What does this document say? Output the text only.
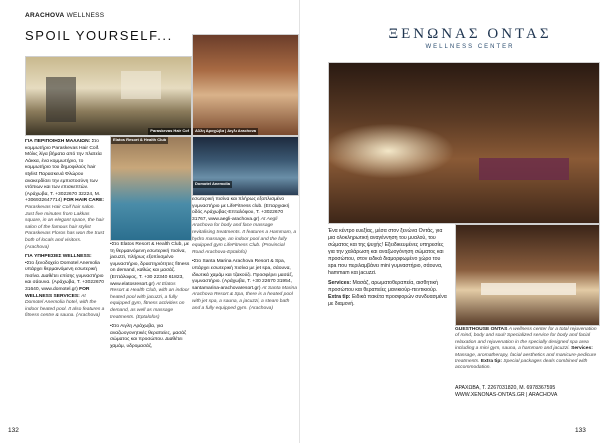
ARACHOVA WELLNESS
SPOIL YOURSELF...
Paraskevas Hair Cof	Αλλη Αραχώβα | Αιγλι Αrachova
Elatos Resort & Health Club
Domotel Anemolia

ΓΙΑ ΠΕΡΙΠΟΙΗΣΗ ΜΑΛΛΙΩΝ: Στο κομμωτήριο Paraskevas Hair Coif. Μόλις λίγα βήματα από την πλατεία Λάκκα, ένα κομμωτήριο, το κομμωτήριο του δημοφιλούς hair stylist Παρασκευά Φλώρου ανακερδίσει την εμπιστοσύνη των ντόπιων και των επισκεπτών. (Αράχωβα, Τ. +3022670 32224, Μ. +306932647714) FOR HAIR CARE: Paraskevas Hair Coif hair salon. Just five minutes from Lakkas square, in an elegant space, the hair salon of the famous hair stylist Paraskevas Floros has won the trust both of locals and visitors. (Arachova)

ΓΙΑ ΥΠΗΡΕΣΙΕΣ WELLNESS:
•Στο ξενοδοχείο Domotel Anemolia υπάρχει θερμαινόμενη εσωτερική πισίνα. Διαθέτει επίσης γυμναστήριο και σάουνα. (Αράχωβα, Τ. +3022670 31640, www.domotel.gr) FOR WELLNESS SERVICES: At Domotel Anemolia hotel, with the indoor heated pool. It also features a fitness centre & sauna. (Arachova)

•Στο Elatos Resort & Health Club, με τη θερμαινόμενη εσωτερική πισίνα, jacuzzi, πλήρως εξοπλισμένο γυμναστήριο, δραστηριότητες fitness on demand, καθώς και μασάζ. (Επτάλοφος, Τ. +30 22340 61823, www.elatosresort.gr) At Elatos Resort & Health Club, with an indoor heated pool with jacuzzi, a fully equipped gym, fitness activities on demand, as well as massage treatments. (Eptalofos)

•Στο Αιγλη Αράχωβα, για αναζωογονητικές θεραπείες, μασάζ σώματος και προσώπου. Διαθέτει χαμάμ, υδρομασάζ,

εσωτερική πισίνα και πλήρως εξοπλισμένο γυμναστήριο με LifeFitness club. (Επαρχιακή οδός Αράχωβας-Επταλόφου, Τ. +3022670 31767, www.aegli-arachova.gr) At Aegli Arachova for body and face massage revitalising treatments. It features a Hammam, a hydro massage, an indoor pool and the fully equipped gym LifeFitness Club. (Provincial Road Arachova-Eptalofo)

•Στο Santa Marina Arachova Resort & Spa, υπάρχει εσωτερική πισίνα με jet spa, σάουνα, ιδιωτικά χαμάμ και τζακούζι. Προσφέρει μασάζ, γυμναστήριο. (Αράχωβα, Τ. +30 22670 31954, santamarina-arachovaresort.gr) At Santa Marina Arachova Resort & Spa, there is a heated pool with jet spa, a sauna, a jacuzzi, a steam bath and a fully equipped gym. (Arachova)

132
ΞΕΝΩΝΑΣ ΟΝΤΑΣ
WELLNESS CENTER

Ένα κέντρο ευεξίας, μέσα στον ξενώνα Οντάς, για μια ολοκληρωτική αναγέννηση του μυαλού, του σώματος και της ψυχής! Εξειδικευμένες υπηρεσίες για την χαλάρωση και αναζωογόνηση σώματος και προσώπου, στον ειδικά διαμορφωμένο χώρο του spa που περιλαμβάνει mini γυμναστήριο, σάουνα, hammam και jacuzzi.

Services: Μασάζ, αρωματοθεραπεία, αισθητική προσώπου και θεραπείες μανικιούρ-πεντικιούρ. Extra tip: Ειδικά πακέτα προσφορών συνδυασμένα με διαμονή.

GUESTHOUSE ONTAS A wellness center for a total rejuvenation of mind, body and soul! Specialized service for body and facial relaxation and rejuvenation in the specially designed spa area including a mini gym, sauna, a hammam and jacuzzi. Services: Massage, aromatherapy, facial aesthetics and manicure-pedicure treatments. Extra tip: Special packages deals combined with accommodation.

ΑΡΑΧΩΒΑ, Τ. 2267031820, Μ. 6978367595 WWW.XENONAS-ONTAS.GR | ARACHOVA
133
